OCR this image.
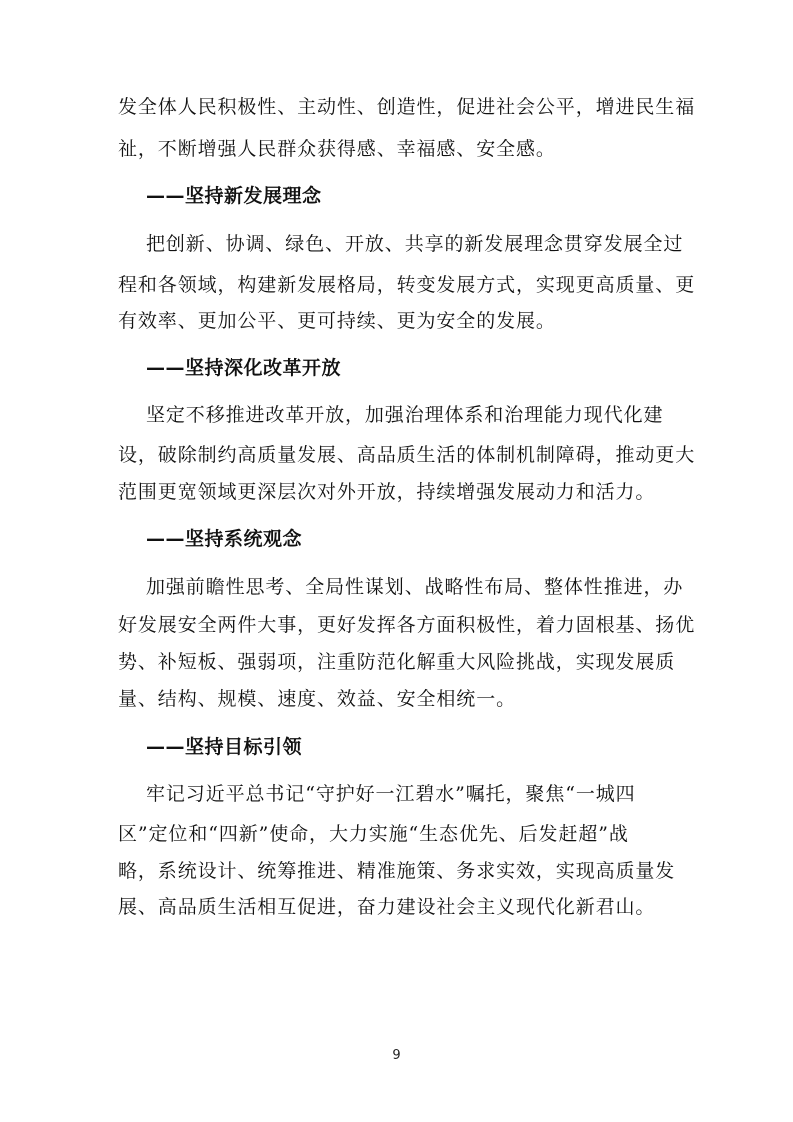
发全体人民积极性、主动性、创造性，促进社会公平，增进民生福
祉，不断增强人民群众获得感、幸福感、安全感。
——坚持新发展理念
把创新、协调、绿色、开放、共享的新发展理念贯穿发展全过
程和各领域，构建新发展格局，转变发展方式，实现更高质量、更
有效率、更加公平、更可持续、更为安全的发展。
——坚持深化改革开放
坚定不移推进改革开放，加强治理体系和治理能力现代化建
设，破除制约高质量发展、高品质生活的体制机制障碍，推动更大
范围更宽领域更深层次对外开放，持续增强发展动力和活力。
——坚持系统观念
加强前瞻性思考、全局性谋划、战略性布局、整体性推进，办
好发展安全两件大事，更好发挥各方面积极性，着力固根基、扬优
势、补短板、强弱项，注重防范化解重大风险挑战，实现发展质
量、结构、规模、速度、效益、安全相统一。
——坚持目标引领
牢记习近平总书记“守护好一江碧水”嘱托，聚焦“一城四
区”定位和“四新”使命，大力实施“生态优先、后发赶超”战
略，系统设计、统筹推进、精准施策、务求实效，实现高质量发
展、高品质生活相互促进，奋力建设社会主义现代化新君山。
9
